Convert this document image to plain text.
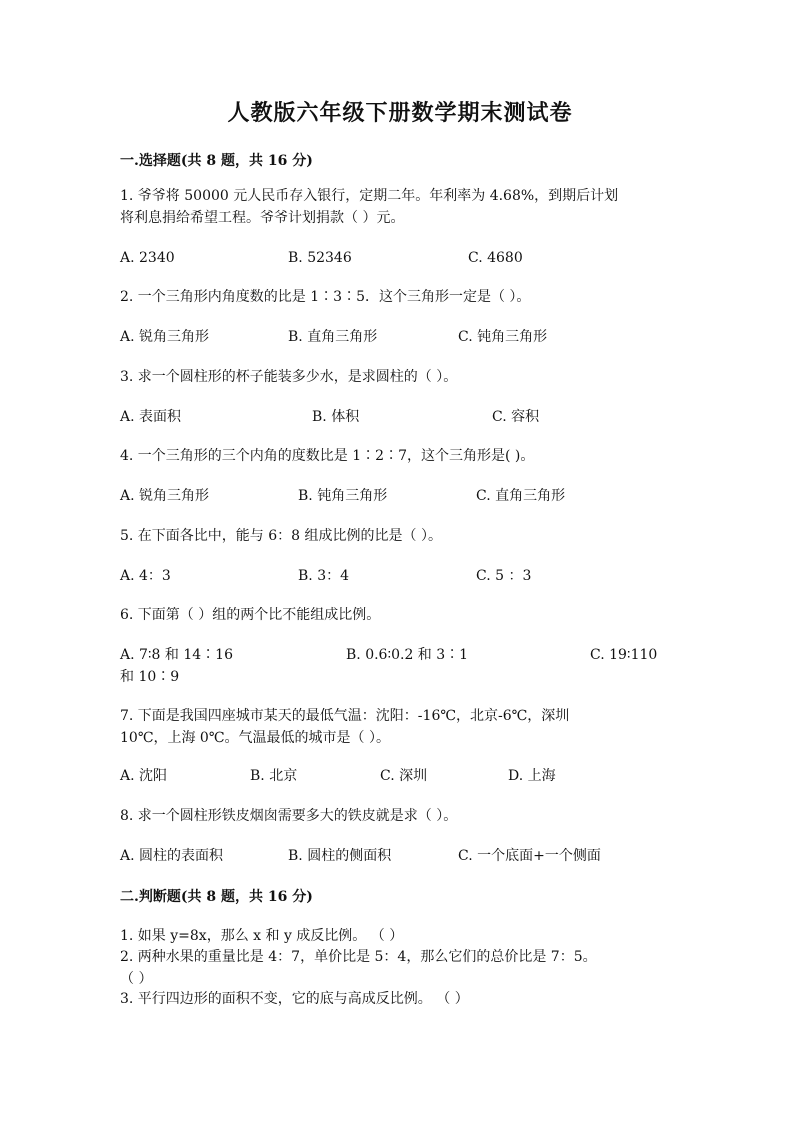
人教版六年级下册数学期末测试卷
一.选择题(共 8 题，共 16 分)
1. 爷爷将 50000 元人民币存入银行，定期二年。年利率为 4.68%，到期后计划
将利息捐给希望工程。爷爷计划捐款（ ）元。
A. 2340	B. 52346	C. 4680
2. 一个三角形内角度数的比是 1∶3∶5．这个三角形一定是（ ）。
A. 锐角三角形	B. 直角三角形	C. 钝角三角形
3. 求一个圆柱形的杯子能装多少水，是求圆柱的（ ）。
A. 表面积	B. 体积	C. 容积
4. 一个三角形的三个内角的度数比是 1∶2∶7，这个三角形是( )。
A. 锐角三角形	B. 钝角三角形	C. 直角三角形
5. 在下面各比中，能与 6：8 组成比例的比是（ ）。
A. 4：3	B. 3：4	C. 5 ：3
6. 下面第（ ）组的两个比不能组成比例。
A. 7∶8 和 14∶16	B. 0.6∶0.2 和 3∶1	C. 19∶110
和 10∶9
7. 下面是我国四座城市某天的最低气温：沈阳：-16℃，北京-6℃，深圳
10℃，上海 0℃。气温最低的城市是（ ）。
A. 沈阳	B. 北京	C. 深圳	D. 上海
8. 求一个圆柱形铁皮烟囱需要多大的铁皮就是求（ ）。
A. 圆柱的表面积	B. 圆柱的侧面积	C. 一个底面+一个侧面
二.判断题(共 8 题，共 16 分)
1. 如果 y=8x，那么 x 和 y 成反比例。 （ ）
2. 两种水果的重量比是 4：7，单价比是 5：4，那么它们的总价比是 7：5。
（ ）
3. 平行四边形的面积不变，它的底与高成反比例。 （ ）
